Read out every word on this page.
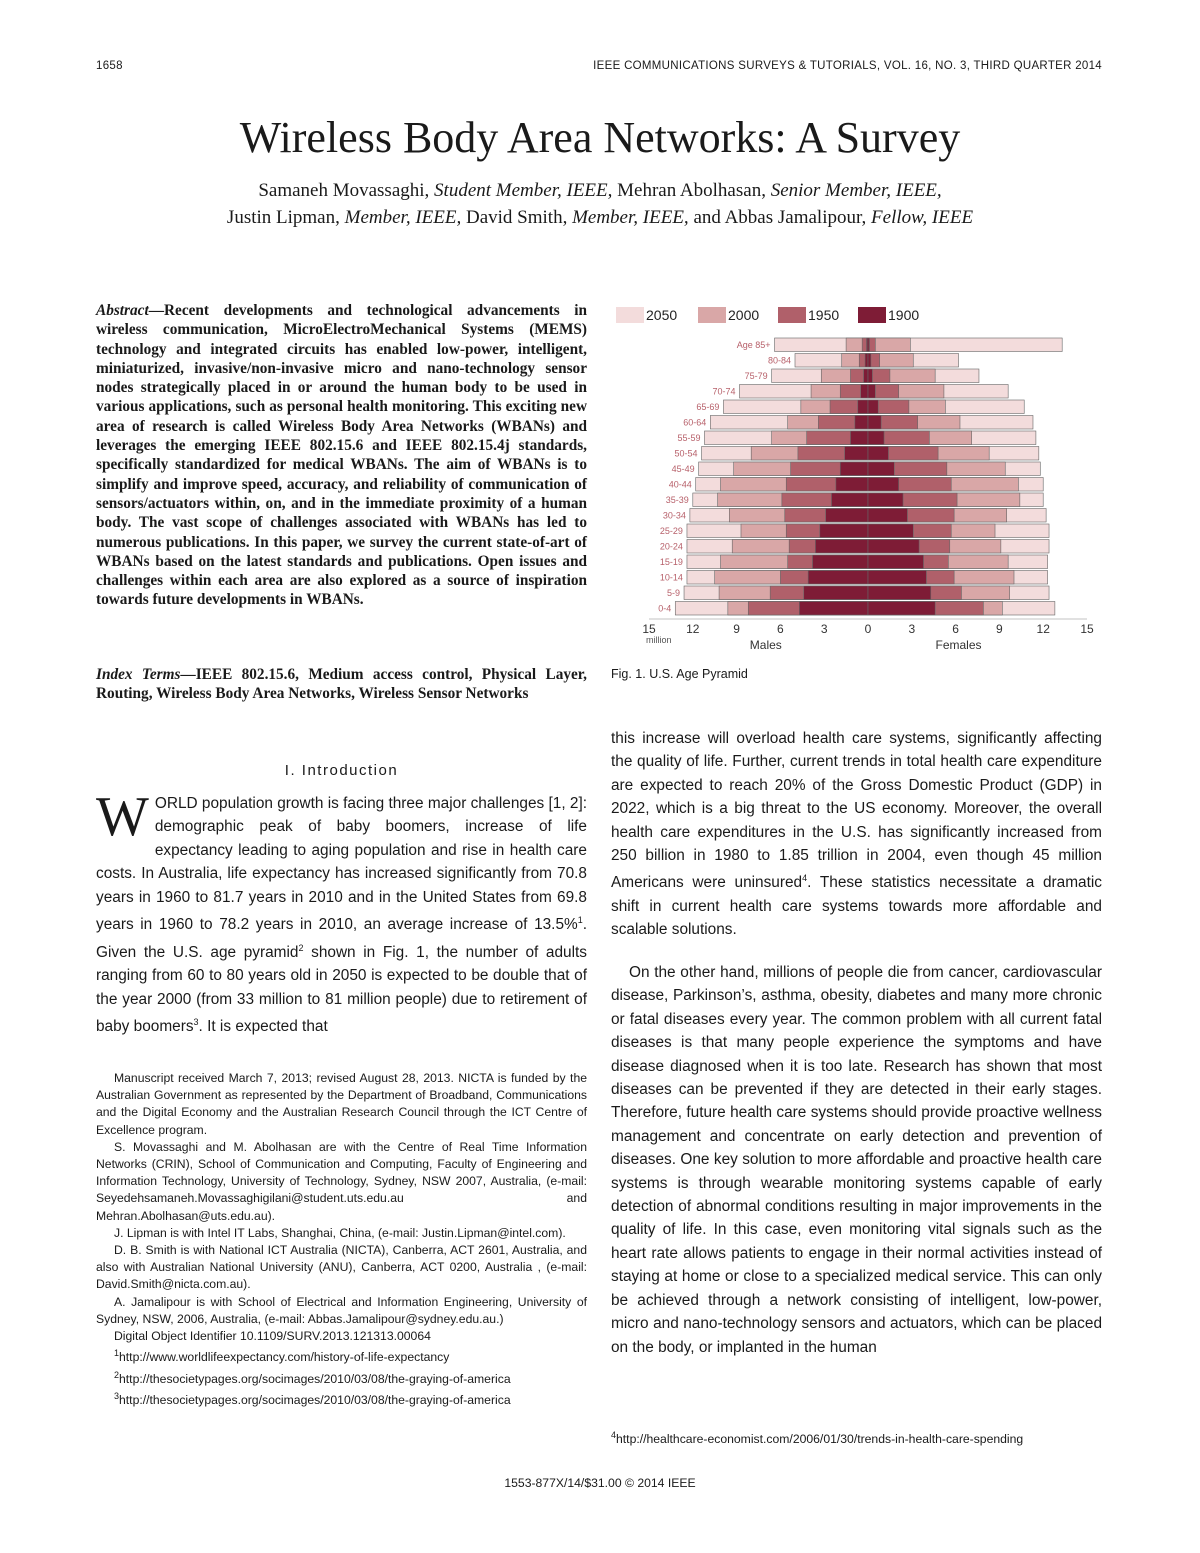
1658	IEEE COMMUNICATIONS SURVEYS & TUTORIALS, VOL. 16, NO. 3, THIRD QUARTER 2014
Wireless Body Area Networks: A Survey
Samaneh Movassaghi, Student Member, IEEE, Mehran Abolhasan, Senior Member, IEEE,
Justin Lipman, Member, IEEE, David Smith, Member, IEEE, and Abbas Jamalipour, Fellow, IEEE
Abstract—Recent developments and technological advancements in wireless communication, MicroElectroMechanical Systems (MEMS) technology and integrated circuits has enabled low-power, intelligent, miniaturized, invasive/non-invasive micro and nano-technology sensor nodes strategically placed in or around the human body to be used in various applications, such as personal health monitoring. This exciting new area of research is called Wireless Body Area Networks (WBANs) and leverages the emerging IEEE 802.15.6 and IEEE 802.15.4j standards, specifically standardized for medical WBANs. The aim of WBANs is to simplify and improve speed, accuracy, and reliability of communication of sensors/actuators within, on, and in the immediate proximity of a human body. The vast scope of challenges associated with WBANs has led to numerous publications. In this paper, we survey the current state-of-art of WBANs based on the latest standards and publications. Open issues and challenges within each area are also explored as a source of inspiration towards future developments in WBANs.
Index Terms—IEEE 802.15.6, Medium access control, Physical Layer, Routing, Wireless Body Area Networks, Wireless Sensor Networks
I. Introduction
WORLD population growth is facing three major challenges [1, 2]: demographic peak of baby boomers, increase of life expectancy leading to aging population and rise in health care costs. In Australia, life expectancy has increased significantly from 70.8 years in 1960 to 81.7 years in 2010 and in the United States from 69.8 years in 1960 to 78.2 years in 2010, an average increase of 13.5%$^1$. Given the U.S. age pyramid$^2$ shown in Fig. 1, the number of adults ranging from 60 to 80 years old in 2050 is expected to be double that of the year 2000 (from 33 million to 81 million people) due to retirement of baby boomers$^3$. It is expected that

Manuscript received March 7, 2013; revised August 28, 2013. NICTA is funded by the Australian Government as represented by the Department of Broadband, Communications and the Digital Economy and the Australian Research Council through the ICT Centre of Excellence program.

S. Movassaghi and M. Abolhasan are with the Centre of Real Time Information Networks (CRIN), School of Communication and Computing, Faculty of Engineering and Information Technology, University of Technology, Sydney, NSW 2007, Australia, (e-mail: Seyedehsamaneh.Movassaghigilani@student.uts.edu.au and Mehran.Abolhasan@uts.edu.au).

J. Lipman is with Intel IT Labs, Shanghai, China, (e-mail: Justin.Lipman@intel.com).

D. B. Smith is with National ICT Australia (NICTA), Canberra, ACT 2601, Australia, and also with Australian National University (ANU), Canberra, ACT 0200, Australia , (e-mail: David.Smith@nicta.com.au).

A. Jamalipour is with School of Electrical and Information Engineering, University of Sydney, NSW, 2006, Australia, (e-mail: Abbas.Jamalipour@sydney.edu.au.)

Digital Object Identifier 10.1109/SURV.2013.121313.00064

$^1$http://www.worldlifeexpectancy.com/history-of-life-expectancy

$^2$http://thesocietypages.org/socimages/2010/03/08/the-graying-of-america

$^3$http://thesocietypages.org/socimages/2010/03/08/the-graying-of-america

2050	2000	1950	1900
Age 85+
80-84
75-79
70-74
65-69
60-64
55-59
50-54
45-49
40-44
35-39
30-34
25-29
20-24
15-19
10-14
5-9
0-4
15	12	9	6	3	0	3	6	9	12	15
million	Males	Females
Fig. 1. U.S. Age Pyramid
this increase will overload health care systems, significantly affecting the quality of life. Further, current trends in total health care expenditure are expected to reach 20% of the Gross Domestic Product (GDP) in 2022, which is a big threat to the US economy. Moreover, the overall health care expenditures in the U.S. has significantly increased from 250 billion in 1980 to 1.85 trillion in 2004, even though 45 million Americans were uninsured$^4$. These statistics necessitate a dramatic shift in current health care systems towards more affordable and scalable solutions.
On the other hand, millions of people die from cancer, cardiovascular disease, Parkinson’s, asthma, obesity, diabetes and many more chronic or fatal diseases every year. The common problem with all current fatal diseases is that many people experience the symptoms and have disease diagnosed when it is too late. Research has shown that most diseases can be prevented if they are detected in their early stages. Therefore, future health care systems should provide proactive wellness management and concentrate on early detection and prevention of diseases. One key solution to more affordable and proactive health care systems is through wearable monitoring systems capable of early detection of abnormal conditions resulting in major improvements in the quality of life. In this case, even monitoring vital signals such as the heart rate allows patients to engage in their normal activities instead of staying at home or close to a specialized medical service. This can only be achieved through a network consisting of intelligent, low-power, micro and nano-technology sensors and actuators, which can be placed on the body, or implanted in the human
$^4$http://healthcare-economist.com/2006/01/30/trends-in-health-care-spending
1553-877X/14/$31.00 © 2014 IEEE
